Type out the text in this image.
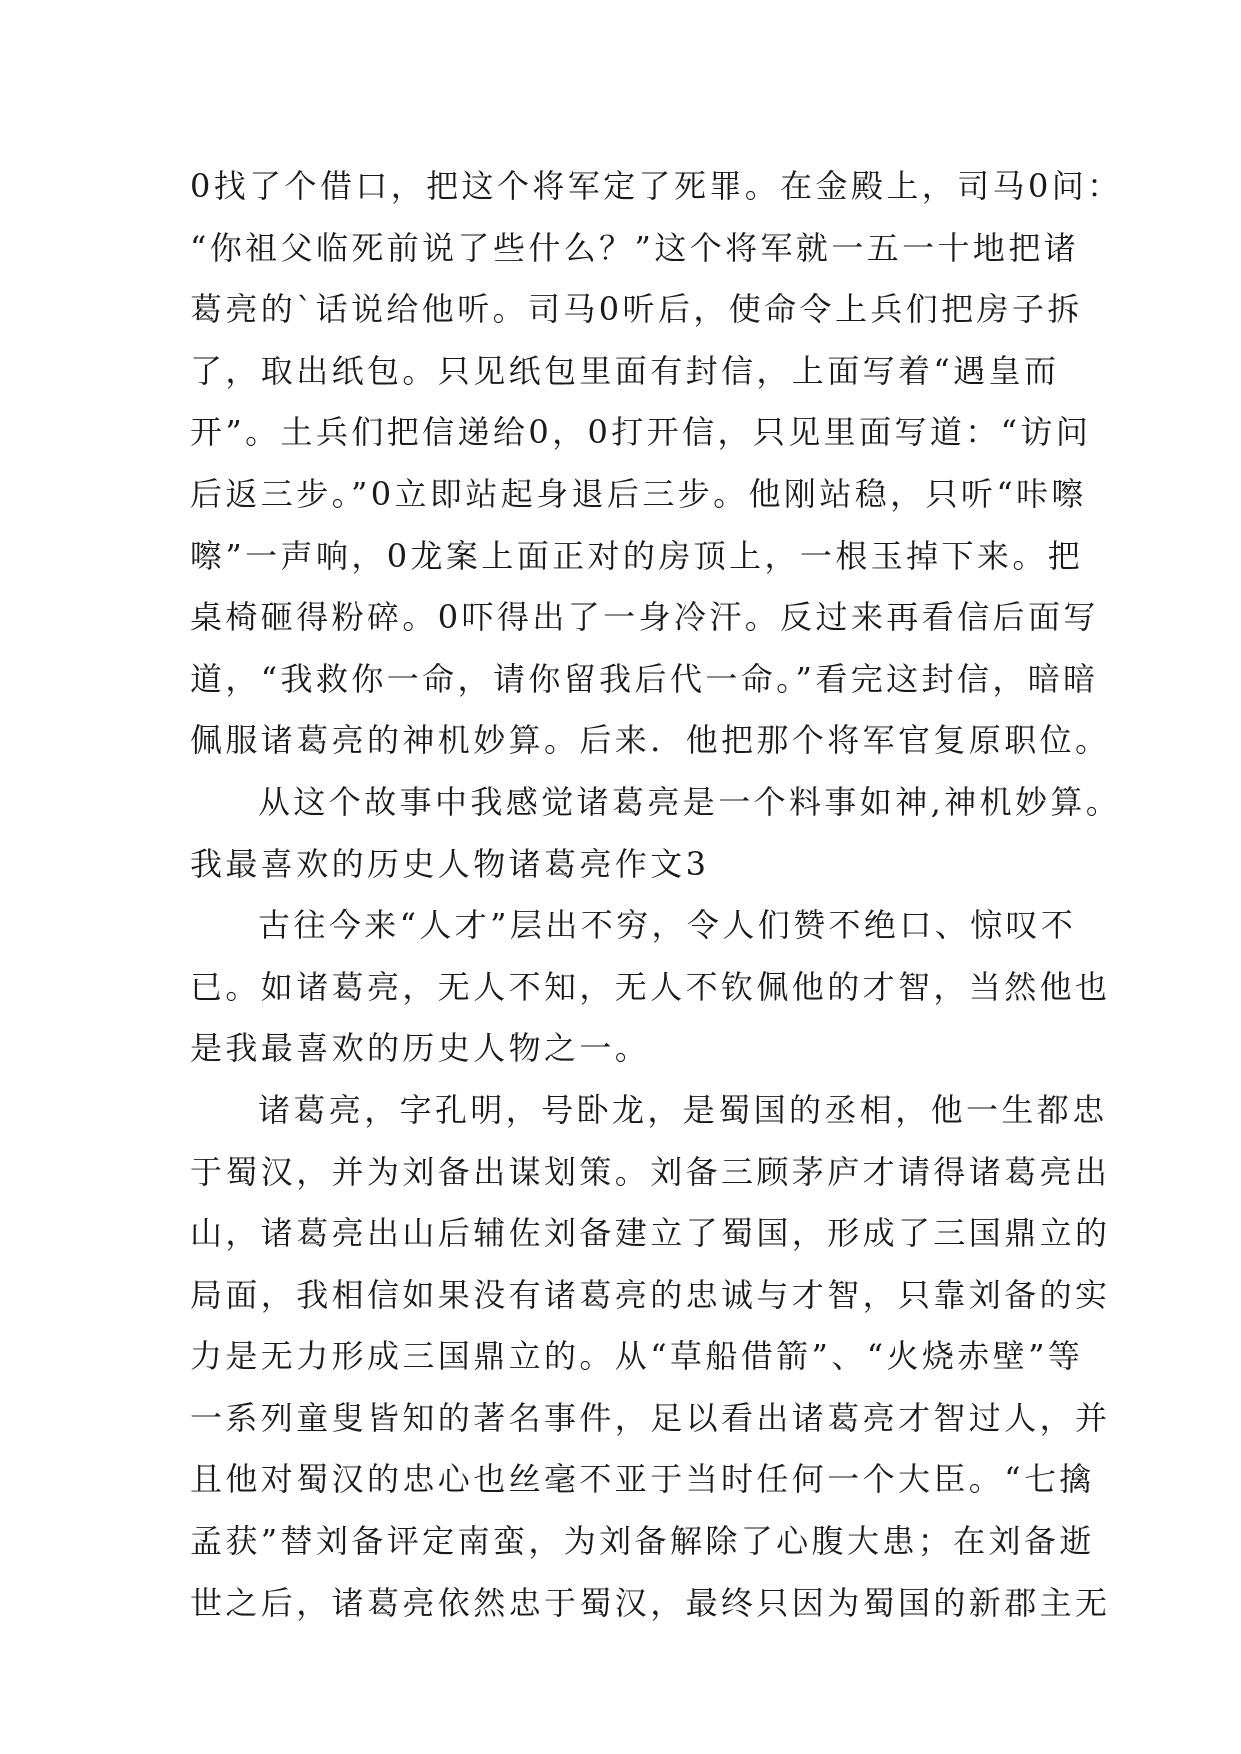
0找了个借口，把这个将军定了死罪。在金殿上，司马0问：
“你祖父临死前说了些什么？”这个将军就一五一十地把诸
葛亮的`话说给他听。司马0听后，使命令上兵们把房子拆
了，取出纸包。只见纸包里面有封信，上面写着“遇皇而
开”。土兵们把信递给0，0打开信，只见里面写道：“访问
后返三步。”0立即站起身退后三步。他刚站稳，只听“咔嚓
嚓”一声响，0龙案上面正对的房顶上，一根玉掉下来。把
桌椅砸得粉碎。0吓得出了一身冷汗。反过来再看信后面写
道，“我救你一命，请你留我后代一命。”看完这封信，暗暗
佩服诸葛亮的神机妙算。后来．他把那个将军官复原职位。
从这个故事中我感觉诸葛亮是一个料事如神,神机妙算。
我最喜欢的历史人物诸葛亮作文3
古往今来“人才”层出不穷，令人们赞不绝口、惊叹不
已。如诸葛亮，无人不知，无人不钦佩他的才智，当然他也
是我最喜欢的历史人物之一。
诸葛亮，字孔明，号卧龙，是蜀国的丞相，他一生都忠
于蜀汉，并为刘备出谋划策。刘备三顾茅庐才请得诸葛亮出
山，诸葛亮出山后辅佐刘备建立了蜀国，形成了三国鼎立的
局面，我相信如果没有诸葛亮的忠诚与才智，只靠刘备的实
力是无力形成三国鼎立的。从“草船借箭”、“火烧赤壁”等
一系列童叟皆知的著名事件，足以看出诸葛亮才智过人，并
且他对蜀汉的忠心也丝毫不亚于当时任何一个大臣。“七擒
孟获”替刘备评定南蛮，为刘备解除了心腹大患；在刘备逝
世之后，诸葛亮依然忠于蜀汉，最终只因为蜀国的新郡主无
